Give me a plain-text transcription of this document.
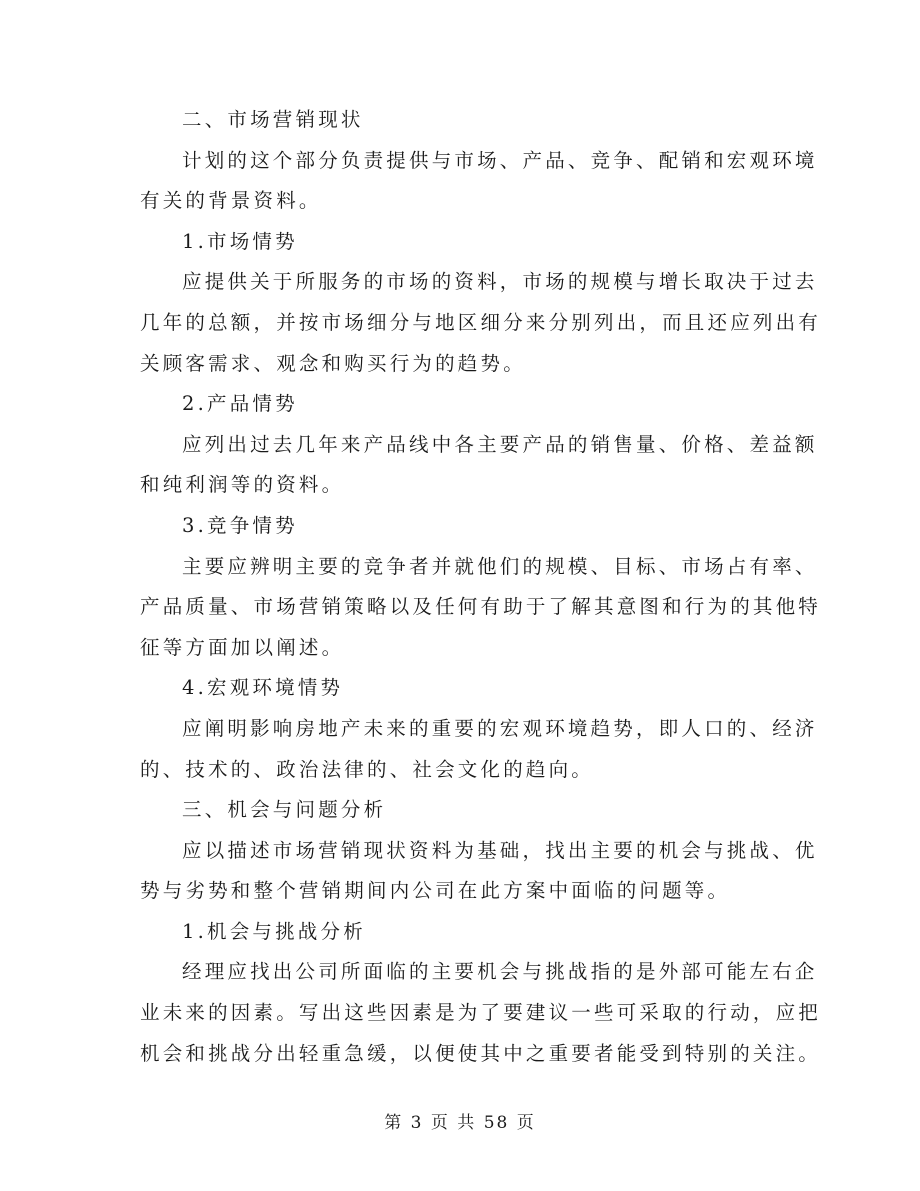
二、市场营销现状
计划的这个部分负责提供与市场、产品、竞争、配销和宏观环境
有关的背景资料。
1.市场情势
应提供关于所服务的市场的资料，市场的规模与增长取决于过去
几年的总额，并按市场细分与地区细分来分别列出，而且还应列出有
关顾客需求、观念和购买行为的趋势。
2.产品情势
应列出过去几年来产品线中各主要产品的销售量、价格、差益额
和纯利润等的资料。
3.竞争情势
主要应辨明主要的竞争者并就他们的规模、目标、市场占有率、
产品质量、市场营销策略以及任何有助于了解其意图和行为的其他特
征等方面加以阐述。
4.宏观环境情势
应阐明影响房地产未来的重要的宏观环境趋势，即人口的、经济
的、技术的、政治法律的、社会文化的趋向。
三、机会与问题分析
应以描述市场营销现状资料为基础，找出主要的机会与挑战、优
势与劣势和整个营销期间内公司在此方案中面临的问题等。
1.机会与挑战分析
经理应找出公司所面临的主要机会与挑战指的是外部可能左右企
业未来的因素。写出这些因素是为了要建议一些可采取的行动，应把
机会和挑战分出轻重急缓，以便使其中之重要者能受到特别的关注。
第 3 页 共 58 页
